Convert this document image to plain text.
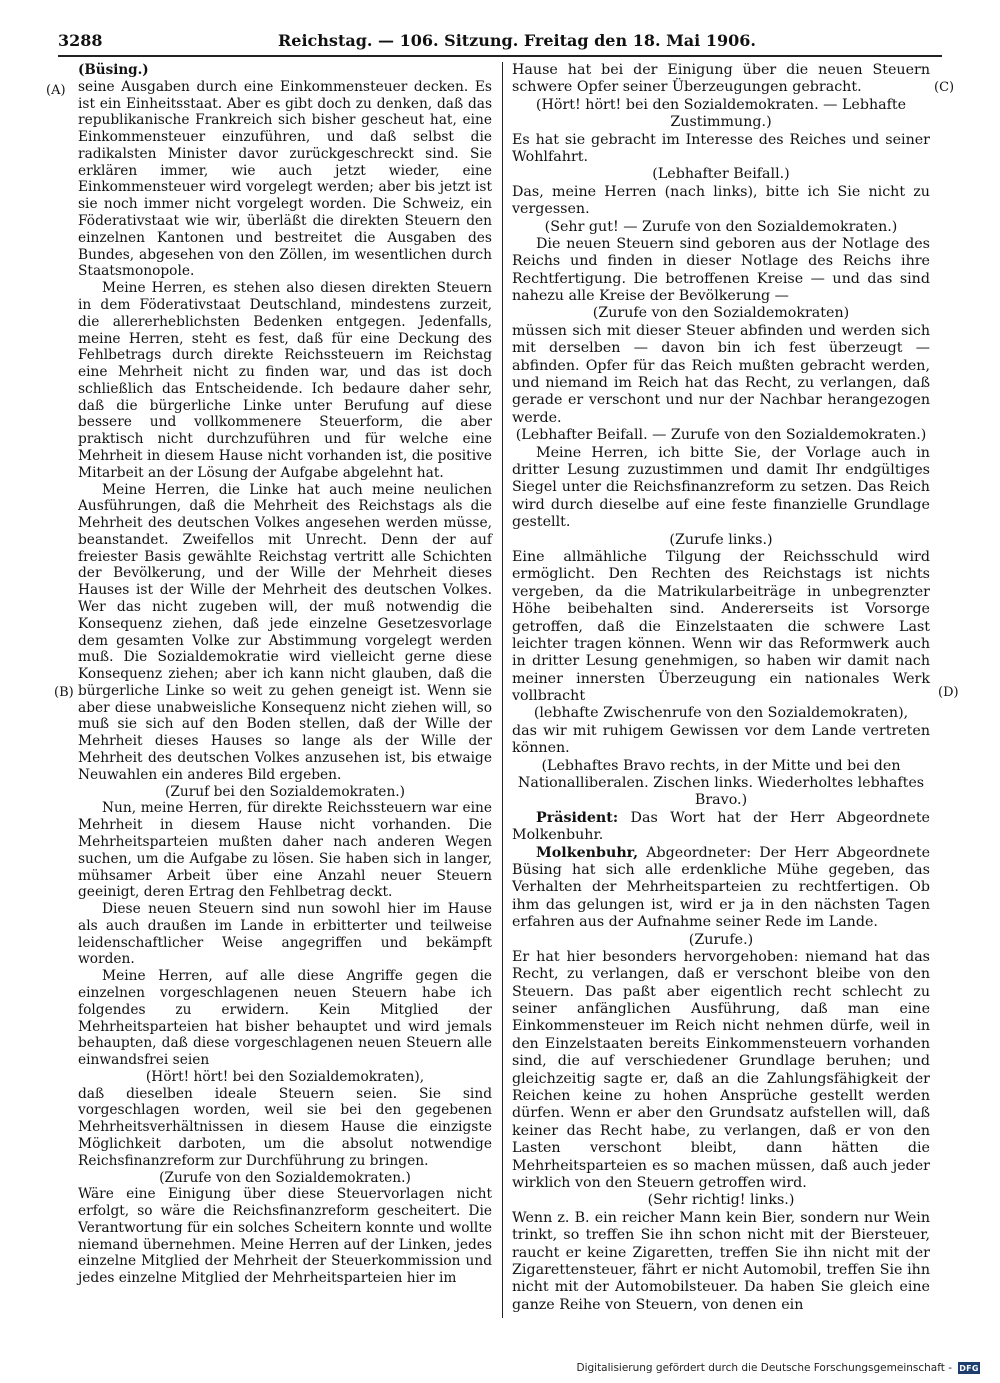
3288	Reichstag. — 106. Sitzung. Freitag den 18. Mai 1906.
(A)
(B)
(C)
(D)

(Büsing.)

seine Ausgaben durch eine Einkommensteuer decken. Es ist ein Einheitsstaat. Aber es gibt doch zu denken, daß das republikanische Frankreich sich bisher gescheut hat, eine Einkommensteuer einzuführen, und daß selbst die radikalsten Minister davor zurückgeschreckt sind. Sie erklären immer, wie auch jetzt wieder, eine Einkommensteuer wird vorgelegt werden; aber bis jetzt ist sie noch immer nicht vorgelegt worden. Die Schweiz, ein Föderativstaat wie wir, überläßt die direkten Steuern den einzelnen Kantonen und bestreitet die Ausgaben des Bundes, abgesehen von den Zöllen, im wesentlichen durch Staatsmonopole.

Meine Herren, es stehen also diesen direkten Steuern in dem Föderativstaat Deutschland, mindestens zurzeit, die allererheblichsten Bedenken entgegen. Jedenfalls, meine Herren, steht es fest, daß für eine Deckung des Fehlbetrags durch direkte Reichssteuern im Reichstag eine Mehrheit nicht zu finden war, und das ist doch schließlich das Entscheidende. Ich bedaure daher sehr, daß die bürgerliche Linke unter Berufung auf diese bessere und vollkommenere Steuerform, die aber praktisch nicht durchzuführen und für welche eine Mehrheit in diesem Hause nicht vorhanden ist, die positive Mitarbeit an der Lösung der Aufgabe abgelehnt hat.

Meine Herren, die Linke hat auch meine neulichen Ausführungen, daß die Mehrheit des Reichstags als die Mehrheit des deutschen Volkes angesehen werden müsse, beanstandet. Zweifellos mit Unrecht. Denn der auf freiester Basis gewählte Reichstag vertritt alle Schichten der Bevölkerung, und der Wille der Mehrheit dieses Hauses ist der Wille der Mehrheit des deutschen Volkes. Wer das nicht zugeben will, der muß notwendig die Konsequenz ziehen, daß jede einzelne Gesetzesvorlage dem gesamten Volke zur Abstimmung vorgelegt werden muß. Die Sozialdemokratie wird vielleicht gerne diese Konsequenz ziehen; aber ich kann nicht glauben, daß die bürgerliche Linke so weit zu gehen geneigt ist. Wenn sie aber diese unabweisliche Konsequenz nicht ziehen will, so muß sie sich auf den Boden stellen, daß der Wille der Mehrheit dieses Hauses so lange als der Wille der Mehrheit des deutschen Volkes anzusehen ist, bis etwaige Neuwahlen ein anderes Bild ergeben.

(Zuruf bei den Sozialdemokraten.)

Nun, meine Herren, für direkte Reichssteuern war eine Mehrheit in diesem Hause nicht vorhanden. Die Mehrheitsparteien mußten daher nach anderen Wegen suchen, um die Aufgabe zu lösen. Sie haben sich in langer, mühsamer Arbeit über eine Anzahl neuer Steuern geeinigt, deren Ertrag den Fehlbetrag deckt.

Diese neuen Steuern sind nun sowohl hier im Hause als auch draußen im Lande in erbitterter und teilweise leidenschaftlicher Weise angegriffen und bekämpft worden.

Meine Herren, auf alle diese Angriffe gegen die einzelnen vorgeschlagenen neuen Steuern habe ich folgendes zu erwidern. Kein Mitglied der Mehrheitsparteien hat bisher behauptet und wird jemals behaupten, daß diese vorgeschlagenen neuen Steuern alle einwandsfrei seien

(Hört! hört! bei den Sozialdemokraten),

daß dieselben ideale Steuern seien. Sie sind vorgeschlagen worden, weil sie bei den gegebenen Mehrheitsverhältnissen in diesem Hause die einzigste Möglichkeit darboten, um die absolut notwendige Reichsfinanzreform zur Durchführung zu bringen.

(Zurufe von den Sozialdemokraten.)

Wäre eine Einigung über diese Steuervorlagen nicht erfolgt, so wäre die Reichsfinanzreform gescheitert. Die Verantwortung für ein solches Scheitern konnte und wollte niemand übernehmen. Meine Herren auf der Linken, jedes einzelne Mitglied der Mehrheit der Steuerkommission und jedes einzelne Mitglied der Mehrheitsparteien hier im

Hause hat bei der Einigung über die neuen Steuern schwere Opfer seiner Überzeugungen gebracht.

(Hört! hört! bei den Sozialdemokraten. — Lebhafte Zustimmung.)

Es hat sie gebracht im Interesse des Reiches und seiner Wohlfahrt.

(Lebhafter Beifall.)

Das, meine Herren (nach links), bitte ich Sie nicht zu vergessen.

(Sehr gut! — Zurufe von den Sozialdemokraten.)

Die neuen Steuern sind geboren aus der Notlage des Reichs und finden in dieser Notlage des Reichs ihre Rechtfertigung. Die betroffenen Kreise — und das sind nahezu alle Kreise der Bevölkerung —

(Zurufe von den Sozialdemokraten)

müssen sich mit dieser Steuer abfinden und werden sich mit derselben — davon bin ich fest überzeugt — abfinden. Opfer für das Reich mußten gebracht werden, und niemand im Reich hat das Recht, zu verlangen, daß gerade er verschont und nur der Nachbar herangezogen werde.

(Lebhafter Beifall. — Zurufe von den Sozialdemokraten.)

Meine Herren, ich bitte Sie, der Vorlage auch in dritter Lesung zuzustimmen und damit Ihr endgültiges Siegel unter die Reichsfinanzreform zu setzen. Das Reich wird durch dieselbe auf eine feste finanzielle Grundlage gestellt.

(Zurufe links.)

Eine allmähliche Tilgung der Reichsschuld wird ermöglicht. Den Rechten des Reichstags ist nichts vergeben, da die Matrikularbeiträge in unbegrenzter Höhe beibehalten sind. Andererseits ist Vorsorge getroffen, daß die Einzelstaaten die schwere Last leichter tragen können. Wenn wir das Reformwerk auch in dritter Lesung genehmigen, so haben wir damit nach meiner innersten Überzeugung ein nationales Werk vollbracht

(lebhafte Zwischenrufe von den Sozialdemokraten),

das wir mit ruhigem Gewissen vor dem Lande vertreten können.

(Lebhaftes Bravo rechts, in der Mitte und bei den Nationalliberalen. Zischen links. Wiederholtes lebhaftes Bravo.)

Präsident: Das Wort hat der Herr Abgeordnete Molkenbuhr.

Molkenbuhr, Abgeordneter: Der Herr Abgeordnete Büsing hat sich alle erdenkliche Mühe gegeben, das Verhalten der Mehrheitsparteien zu rechtfertigen. Ob ihm das gelungen ist, wird er ja in den nächsten Tagen erfahren aus der Aufnahme seiner Rede im Lande.

(Zurufe.)

Er hat hier besonders hervorgehoben: niemand hat das Recht, zu verlangen, daß er verschont bleibe von den Steuern. Das paßt aber eigentlich recht schlecht zu seiner anfänglichen Ausführung, daß man eine Einkommensteuer im Reich nicht nehmen dürfe, weil in den Einzelstaaten bereits Einkommensteuern vorhanden sind, die auf verschiedener Grundlage beruhen; und gleichzeitig sagte er, daß an die Zahlungsfähigkeit der Reichen keine zu hohen Ansprüche gestellt werden dürfen. Wenn er aber den Grundsatz aufstellen will, daß keiner das Recht habe, zu verlangen, daß er von den Lasten verschont bleibt, dann hätten die Mehrheitsparteien es so machen müssen, daß auch jeder wirklich von den Steuern getroffen wird.

(Sehr richtig! links.)

Wenn z. B. ein reicher Mann kein Bier, sondern nur Wein trinkt, so treffen Sie ihn schon nicht mit der Biersteuer, raucht er keine Zigaretten, treffen Sie ihn nicht mit der Zigarettensteuer, fährt er nicht Automobil, treffen Sie ihn nicht mit der Automobilsteuer. Da haben Sie gleich eine ganze Reihe von Steuern, von denen ein

Digitalisierung gefördert durch die Deutsche Forschungsgemeinschaft - DFG
